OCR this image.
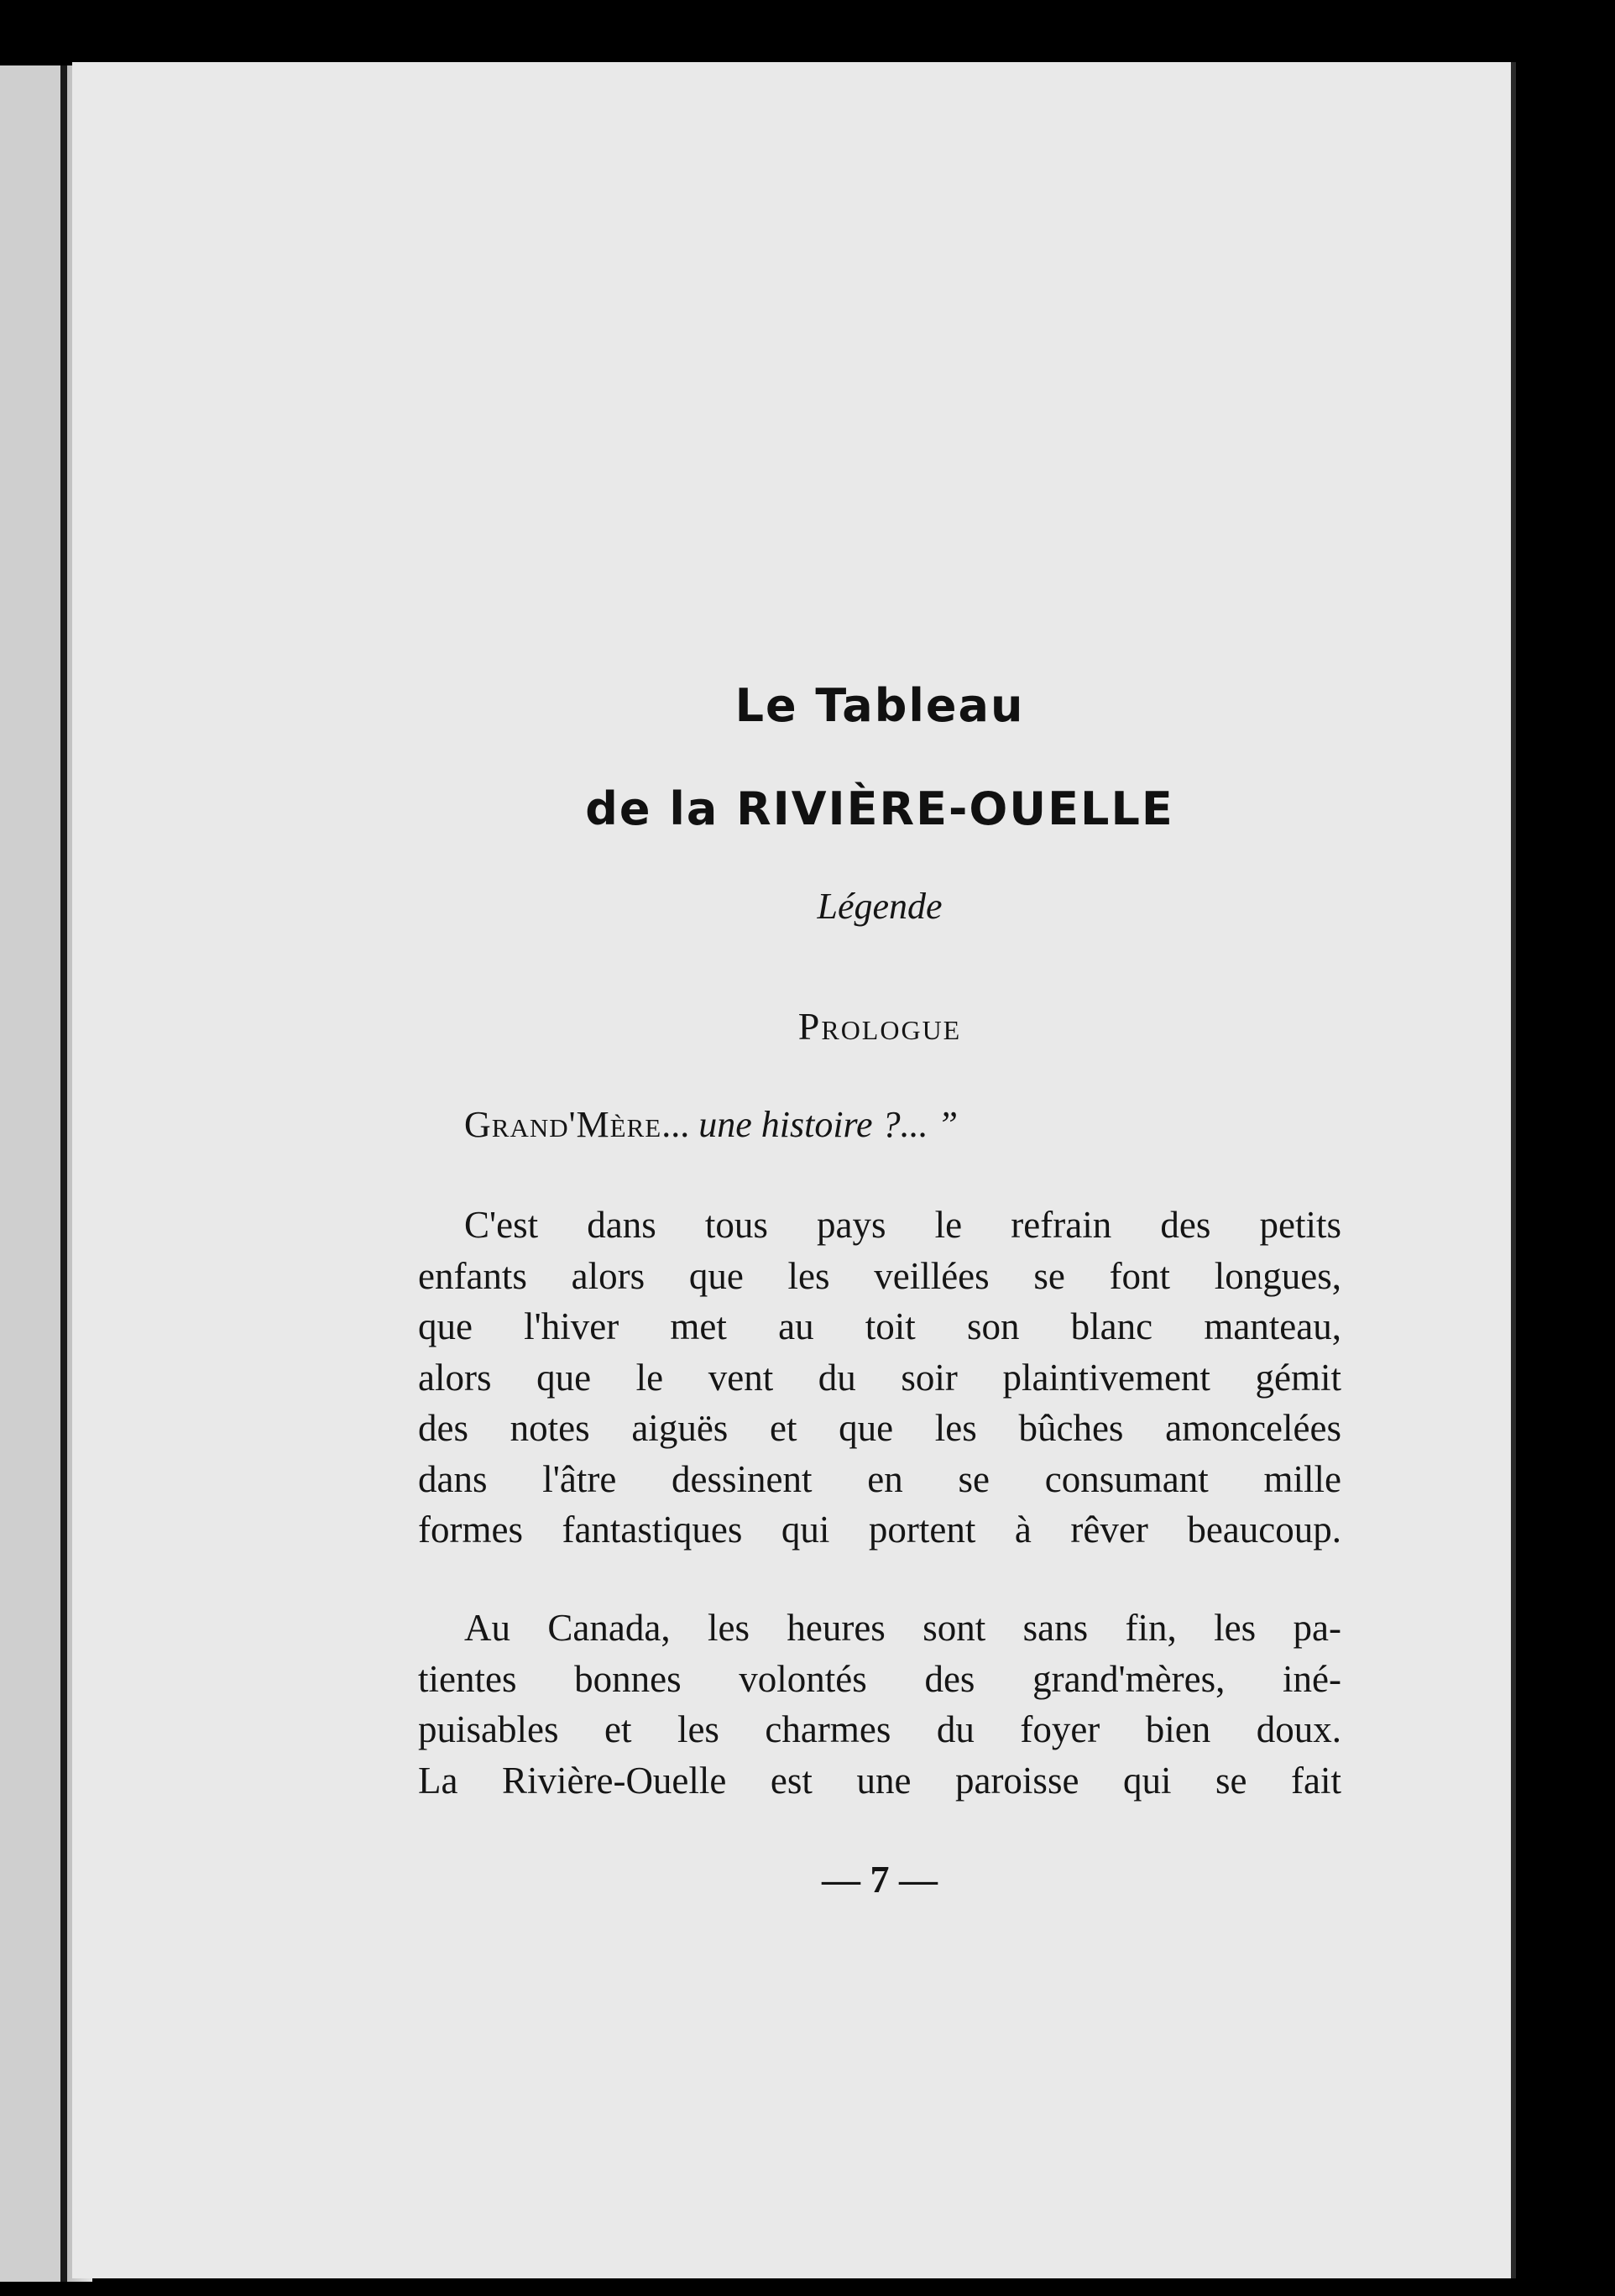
Le Tableau
de la RIVIÈRE-OUELLE
Légende
Prologue
Grand'Mère... une histoire ?... ”
C'est dans tous pays le refrain des petits
enfants alors que les veillées se font longues,
que l'hiver met au toit son blanc manteau,
alors que le vent du soir plaintivement gémit
des notes aiguës et que les bûches amoncelées
dans l'âtre dessinent en se consumant mille
formes fantastiques qui portent à rêver beaucoup.
Au Canada, les heures sont sans fin, les pa-
tientes bonnes volontés des grand'mères, iné-
puisables et les charmes du foyer bien doux.
La Rivière-Ouelle est une paroisse qui se fait
— 7 —
